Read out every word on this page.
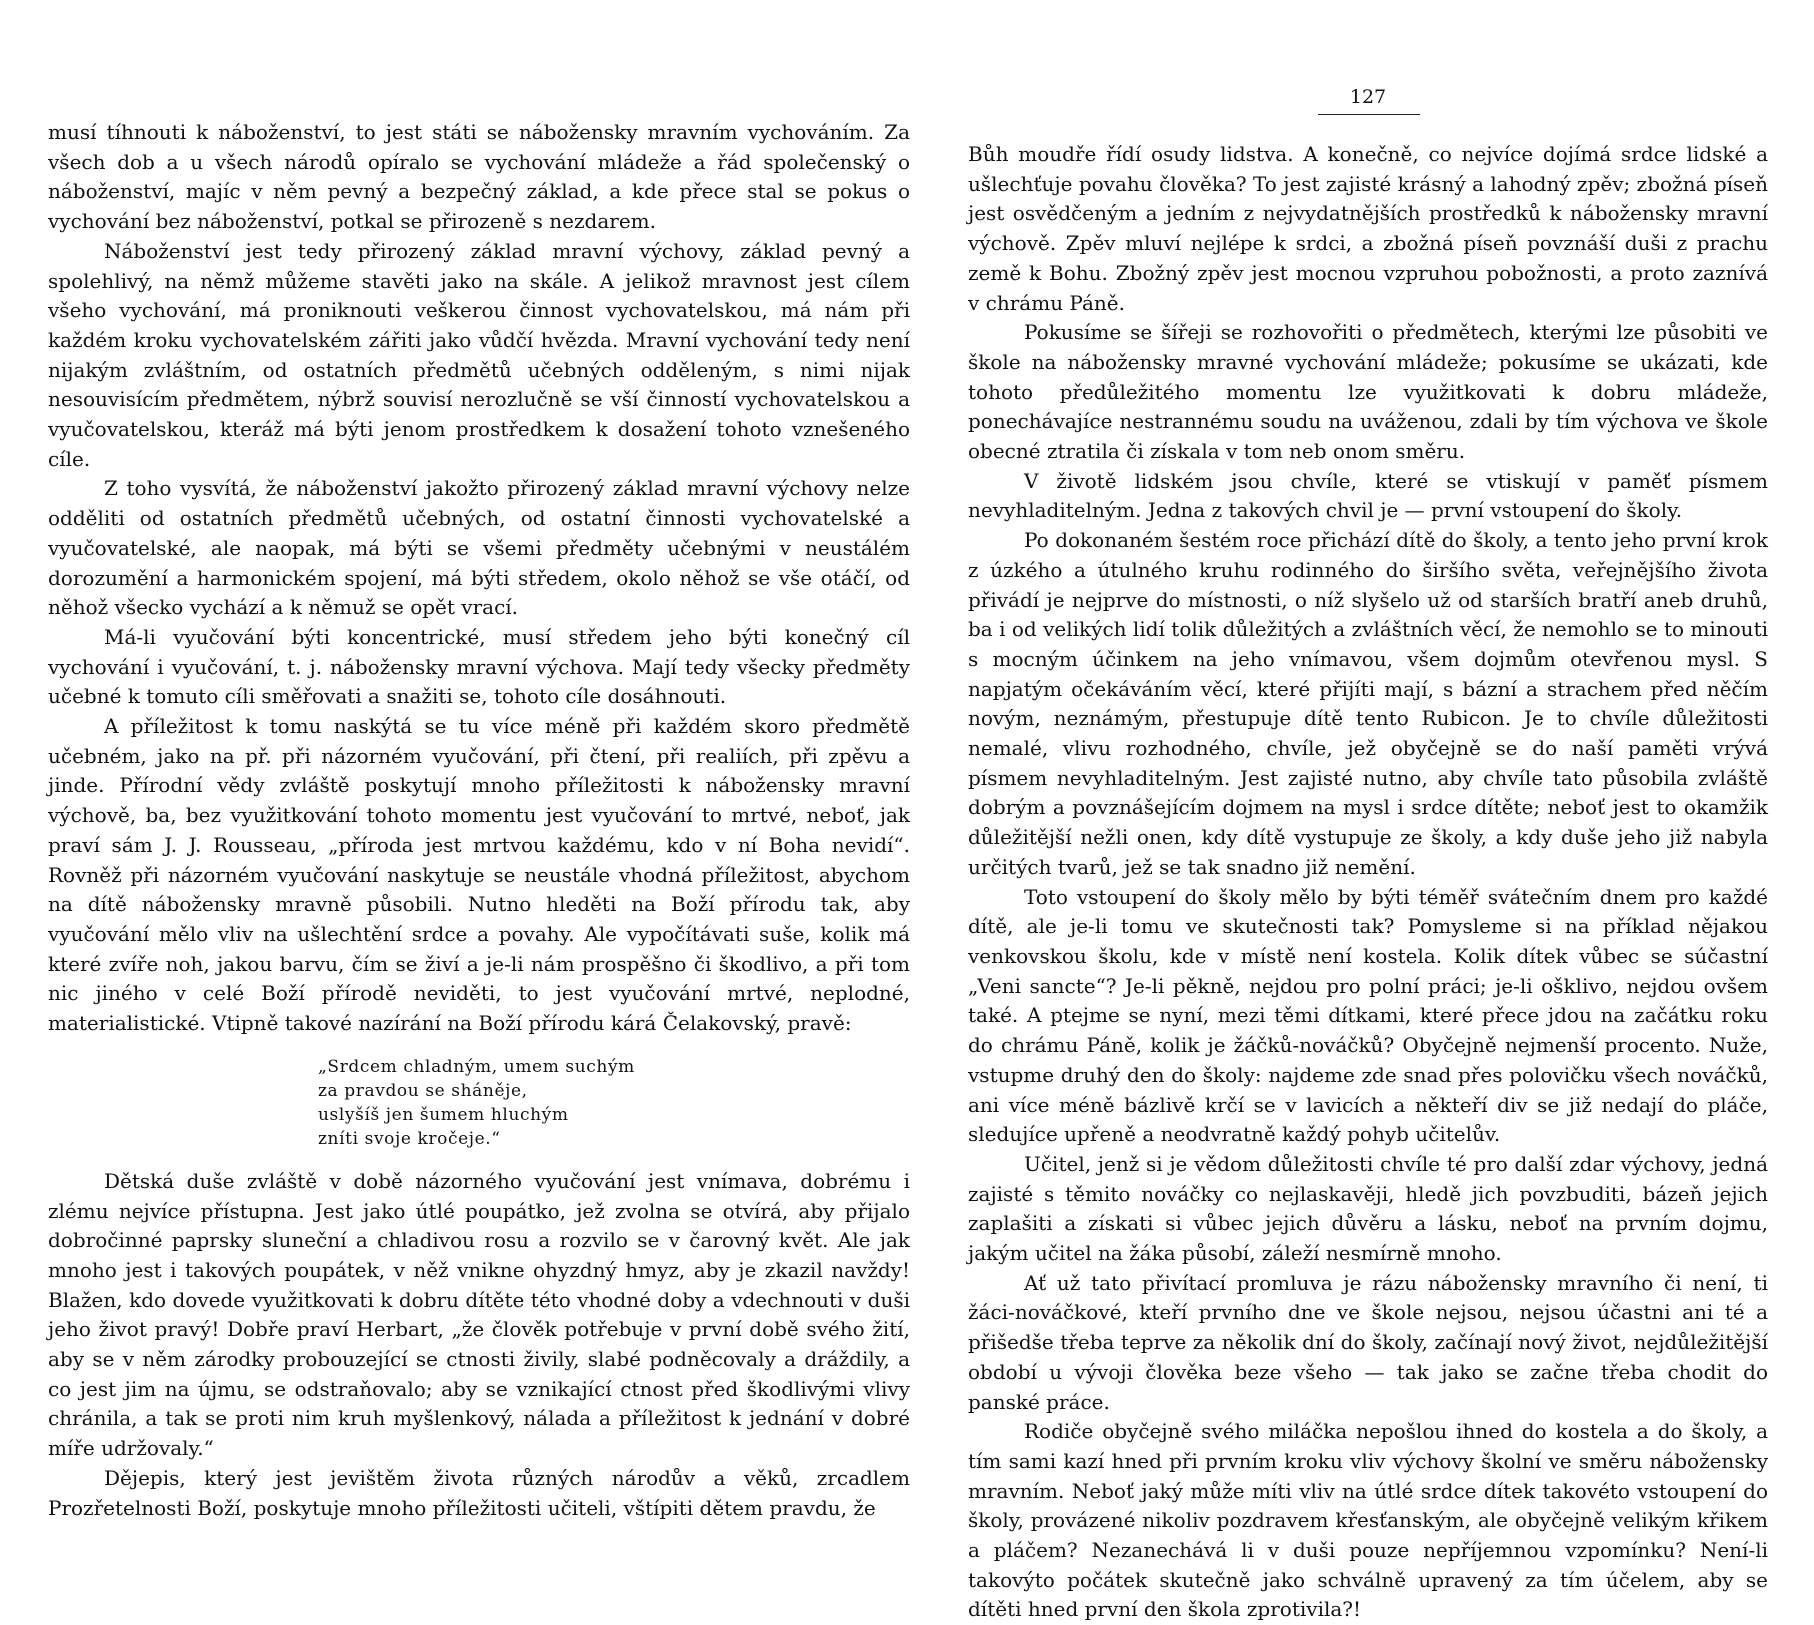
musí tíhnouti k náboženství, to jest státi se nábožensky mravním vychováním. Za všech dob a u všech národů opíralo se vychování mládeže a řád společenský o náboženství, majíc v něm pevný a bezpečný základ, a kde přece stal se pokus o vychování bez náboženství, potkal se přirozeně s nezdarem.

Náboženství jest tedy přirozený základ mravní výchovy, základ pevný a spolehlivý, na němž můžeme stavěti jako na skále. A jelikož mravnost jest cílem všeho vychování, má proniknouti veškerou činnost vychovatelskou, má nám při každém kroku vychovatelském zářiti jako vůdčí hvězda. Mravní vychování tedy není nijakým zvláštním, od ostatních předmětů učebných odděleným, s nimi nijak nesouvisícím předmětem, nýbrž souvisí nerozlučně se vší činností vychovatelskou a vyučovatelskou, kteráž má býti jenom prostředkem k dosažení tohoto vznešeného cíle.

Z toho vysvítá, že náboženství jakožto přirozený základ mravní výchovy nelze odděliti od ostatních předmětů učebných, od ostatní činnosti vychovatelské a vyučovatelské, ale naopak, má býti se všemi předměty učebnými v neustálém dorozumění a harmonickém spojení, má býti středem, okolo něhož se vše otáčí, od něhož všecko vychází a k němuž se opět vrací.

Má-li vyučování býti koncentrické, musí středem jeho býti konečný cíl vychování i vyučování, t. j. nábožensky mravní výchova. Mají tedy všecky předměty učebné k tomuto cíli směřovati a snažiti se, tohoto cíle dosáhnouti.

A příležitost k tomu naskýtá se tu více méně při každém skoro předmětě učebném, jako na př. při názorném vyučování, při čtení, při realiích, při zpěvu a jinde. Přírodní vědy zvláště poskytují mnoho příležitosti k nábožensky mravní výchově, ba, bez využitkování tohoto momentu jest vyučování to mrtvé, neboť, jak praví sám J. J. Rousseau, „příroda jest mrtvou každému, kdo v ní Boha nevidí“. Rovněž při názorném vyučování naskytuje se neustále vhodná příležitost, abychom na dítě nábožensky mravně působili. Nutno hleděti na Boží přírodu tak, aby vyučování mělo vliv na ušlechtění srdce a povahy. Ale vypočítávati suše, kolik má které zvíře noh, jakou barvu, čím se živí a je-li nám prospěšno či škodlivo, a při tom nic jiného v celé Boží přírodě neviděti, to jest vyučování mrtvé, neplodné, materialistické. Vtipně takové nazírání na Boží přírodu kárá Čelakovský, pravě:

„Srdcem chladným, umem suchým
za pravdou se sháněje,
uslyšíš jen šumem hluchým
zníti svoje kročeje.“

Dětská duše zvláště v době názorného vyučování jest vnímava, dobrému i zlému nejvíce přístupna. Jest jako útlé poupátko, jež zvolna se otvírá, aby přijalo dobročinné paprsky sluneční a chladivou rosu a rozvilo se v čarovný květ. Ale jak mnoho jest i takových poupátek, v něž vnikne ohyzdný hmyz, aby je zkazil navždy! Blažen, kdo dovede využitkovati k dobru dítěte této vhodné doby a vdechnouti v duši jeho život pravý! Dobře praví Herbart, „že člověk potřebuje v první době svého žití, aby se v něm zárodky probouzející se ctnosti živily, slabé podněcovaly a dráždily, a co jest jim na újmu, se odstraňovalo; aby se vznikající ctnost před škodlivými vlivy chránila, a tak se proti nim kruh myšlenkový, nálada a příležitost k jednání v dobré míře udržovaly.“

Dějepis, který jest jevištěm života různých národův a věků, zrcadlem Prozřetelnosti Boží, poskytuje mnoho příležitosti učiteli, vštípiti dětem pravdu, že

127

Bůh moudře řídí osudy lidstva. A konečně, co nejvíce dojímá srdce lidské a ušlechťuje povahu člověka? To jest zajisté krásný a lahodný zpěv; zbožná píseň jest osvědčeným a jedním z nejvydatnějších prostředků k nábožensky mravní výchově. Zpěv mluví nejlépe k srdci, a zbožná píseň povznáší duši z prachu země k Bohu. Zbožný zpěv jest mocnou vzpruhou pobožnosti, a proto zaznívá v chrámu Páně.

Pokusíme se šířeji se rozhovořiti o předmětech, kterými lze působiti ve škole na nábožensky mravné vychování mládeže; pokusíme se ukázati, kde tohoto předůležitého momentu lze využitkovati k dobru mládeže, ponechávajíce nestrannému soudu na uváženou, zdali by tím výchova ve škole obecné ztratila či získala v tom neb onom směru.

V životě lidském jsou chvíle, které se vtiskují v paměť písmem nevyhladitelným. Jedna z takových chvil je — první vstoupení do školy.

Po dokonaném šestém roce přichází dítě do školy, a tento jeho první krok z úzkého a útulného kruhu rodinného do širšího světa, veřejnějšího života přivádí je nejprve do místnosti, o níž slyšelo už od starších bratří aneb druhů, ba i od velikých lidí tolik důležitých a zvláštních věcí, že nemohlo se to minouti s mocným účinkem na jeho vnímavou, všem dojmům otevřenou mysl. S napjatým očekáváním věcí, které přijíti mají, s bázní a strachem před něčím novým, neznámým, přestupuje dítě tento Rubicon. Je to chvíle důležitosti nemalé, vlivu rozhodného, chvíle, jež obyčejně se do naší paměti vrývá písmem nevyhladitelným. Jest zajisté nutno, aby chvíle tato působila zvláště dobrým a povznášejícím dojmem na mysl i srdce dítěte; neboť jest to okamžik důležitější nežli onen, kdy dítě vystupuje ze školy, a kdy duše jeho již nabyla určitých tvarů, jež se tak snadno již nemění.

Toto vstoupení do školy mělo by býti téměř svátečním dnem pro každé dítě, ale je-li tomu ve skutečnosti tak? Pomysleme si na příklad nějakou venkovskou školu, kde v místě není kostela. Kolik dítek vůbec se súčastní „Veni sancte“? Je-li pěkně, nejdou pro polní práci; je-li ošklivo, nejdou ovšem také. A ptejme se nyní, mezi těmi dítkami, které přece jdou na začátku roku do chrámu Páně, kolik je žáčků-nováčků? Obyčejně nejmenší procento. Nuže, vstupme druhý den do školy: najdeme zde snad přes polovičku všech nováčků, ani více méně bázlivě krčí se v lavicích a někteří div se již nedají do pláče, sledujíce upřeně a neodvratně každý pohyb učitelův.

Učitel, jenž si je vědom důležitosti chvíle té pro další zdar výchovy, jedná zajisté s těmito nováčky co nejlaskavěji, hledě jich povzbuditi, bázeň jejich zaplašiti a získati si vůbec jejich důvěru a lásku, neboť na prvním dojmu, jakým učitel na žáka působí, záleží nesmírně mnoho.

Ať už tato přivítací promluva je rázu nábožensky mravního či není, ti žáci-nováčkové, kteří prvního dne ve škole nejsou, nejsou účastni ani té a přišedše třeba teprve za několik dní do školy, začínají nový život, nejdůležitější období u vývoji člověka beze všeho — tak jako se začne třeba chodit do panské práce.

Rodiče obyčejně svého miláčka nepošlou ihned do kostela a do školy, a tím sami kazí hned při prvním kroku vliv výchovy školní ve směru nábožensky mravním. Neboť jaký může míti vliv na útlé srdce dítek takovéto vstoupení do školy, provázené nikoliv pozdravem křesťanským, ale obyčejně velikým křikem a pláčem? Nezanechává li v duši pouze nepříjemnou vzpomínku? Není-li takovýto počátek skutečně jako schválně upravený za tím účelem, aby se dítěti hned první den škola zprotivila?!
